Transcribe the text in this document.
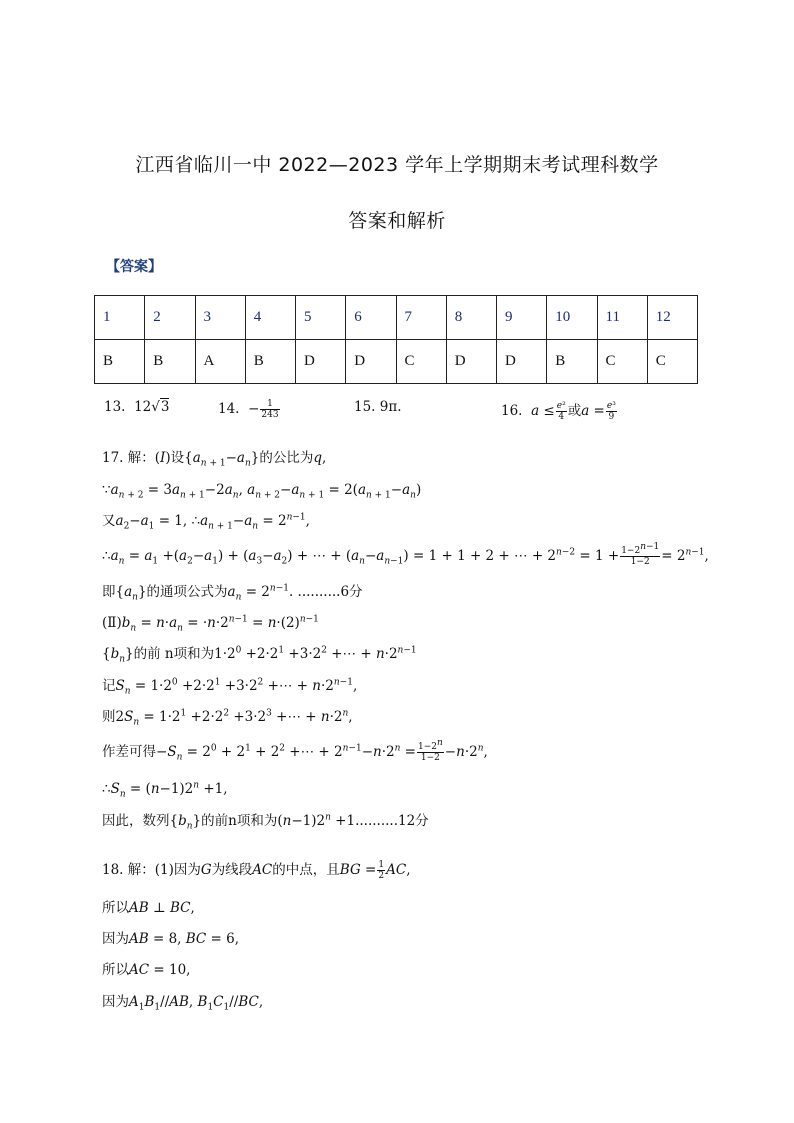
江西省临川一中 2022—2023 学年上学期期末考试理科数学
答案和解析
【答案】
1	2	3	4	5	6	7	8	9	10	11	12
B	B	A	B	D	D	C	D	D	B	C	C
13.  12√3	14.  − $\frac{1}{243}$	15. 9π.	16. $a \le \frac{\text{e²}}{4}$ 或$a = \frac{\text{e³}}{9}$
17. 解：(I)设$\{a_{n + 1}-a_n\}$的公比为q,
$\because a_{n + 2} = 3a_{n + 1}-2a_n$, $a_{n + 2}-a_{n + 1} = 2(a_{n + 1}-a_n)$
又$a_2-a_1 = 1$, $\therefore a_{n + 1}-a_n = 2^{n-1}$,
$\therefore a_n = a_1 +(a_2-a_1) + (a_3-a_2)$ + ⋯ + $(a_n-a_{n-1}) = 1 + 1 + 2$ + ⋯ + $2^{n-2} = 1 + \frac{1-2^{n-1}}{1-2} = 2^{n-1}$,
即$\{a_n\}$的通项公式为$a_n = 2^{n-1}$. ..........6分
$(Ⅱ)b_n = n\cdot a_n = \cdot n\cdot 2^{n-1} = n\cdot(2)^{n-1}$
$\{b_n\}$的前 n项和为$1\cdot 2^0 +2\cdot 2^1 +3\cdot 2^2$ +⋯ + $n\cdot 2^{n-1}$
记$S_n = 1\cdot 2^0 +2\cdot 2^1 +3\cdot 2^2$ +⋯ + $n\cdot 2^{n-1}$,
则$2S_n = 1\cdot 2^1 +2\cdot 2^2 +3\cdot 2^3$ +⋯ + $n\cdot 2^n$,
作差可得$-S_n = 2^0 + 2^1 + 2^2$ +⋯ + $2^{n-1}-n\cdot 2^n = \frac{1-2^n}{1-2} -n\cdot 2^n$,
$\therefore S_n = (n-1)2^n +1$,
因此，数列$\{b_n\}$的前n项和为$(n-1)2^n +1..........12$分
18. 解：(1)因为G为线段AC的中点，且BG = $\frac{1}{2}$ AC,
所以AB ⊥ BC,
因为AB = 8, BC = 6,
所以AC = 10,
因为$A_1B_1//AB$, $B_1C_1//BC$,
